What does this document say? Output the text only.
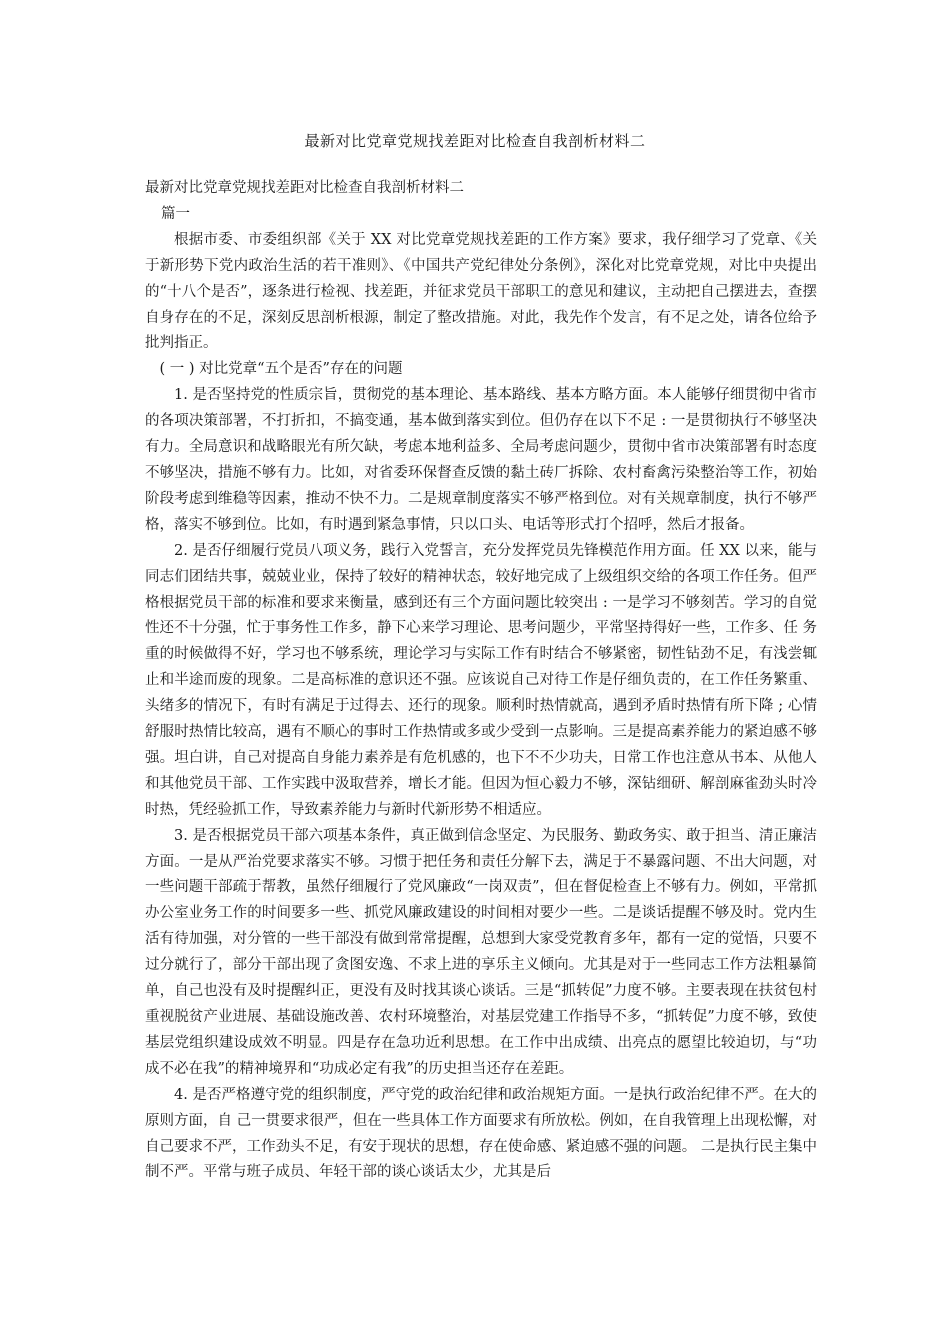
最新对比党章党规找差距对比检查自我剖析材料二

最新对比党章党规找差距对比检查自我剖析材料二

篇一

根据市委、市委组织部《关于 XX 对比党章党规找差距的工作方案》要求，我仔细学习了党章、《关于新形势下党内政治生活的若干准则》、《中国共产党纪律处分条例》，深化对比党章党规，对比中央提出的“十八个是否”，逐条进行检视、找差距，并征求党员干部职工的意见和建议，主动把自己摆进去，查摆自身存在的不足，深刻反思剖析根源，制定了整改措施。对此，我先作个发言，有不足之处，请各位给予批判指正。

( 一 ) 对比党章“五个是否”存在的问题

1. 是否坚持党的性质宗旨，贯彻党的基本理论、基本路线、基本方略方面。本人能够仔细贯彻中省市的各项决策部署，不打折扣，不搞变通，基本做到落实到位。但仍存在以下不足 : 一是贯彻执行不够坚决有力。全局意识和战略眼光有所欠缺，考虑本地利益多、全局考虑问题少，贯彻中省市决策部署有时态度不够坚决，措施不够有力。比如，对省委环保督查反馈的黏土砖厂拆除、农村畜禽污染整治等工作，初始阶段考虑到维稳等因素，推动不快不力。二是规章制度落实不够严格到位。对有关规章制度，执行不够严格，落实不够到位。比如，有时遇到紧急事情，只以口头、电话等形式打个招呼，然后才报备。

2. 是否仔细履行党员八项义务，践行入党誓言，充分发挥党员先锋模范作用方面。任 XX 以来，能与同志们团结共事，兢兢业业，保持了较好的精神状态，较好地完成了上级组织交给的各项工作任务。但严格根据党员干部的标准和要求来衡量，感到还有三个方面问题比较突出 : 一是学习不够刻苦。学习的自觉性还不十分强，忙于事务性工作多，静下心来学习理论、思考问题少，平常坚持得好一些，工作多、任 务重的时候做得不好，学习也不够系统，理论学习与实际工作有时结合不够紧密，韧性钻劲不足，有浅尝辄止和半途而废的现象。二是高标准的意识还不强。应该说自己对待工作是仔细负责的，在工作任务繁重、头绪多的情况下，有时有满足于过得去、还行的现象。顺利时热情就高，遇到矛盾时热情有所下降 ; 心情舒服时热情比较高，遇有不顺心的事时工作热情或多或少受到一点影响。三是提高素养能力的紧迫感不够强。坦白讲，自己对提高自身能力素养是有危机感的，也下不不少功夫，日常工作也注意从书本、从他人和其他党员干部、工作实践中汲取营养，增长才能。但因为恒心毅力不够，深钻细研、解剖麻雀劲头时冷时热，凭经验抓工作，导致素养能力与新时代新形势不相适应。

3. 是否根据党员干部六项基本条件，真正做到信念坚定、为民服务、勤政务实、敢于担当、清正廉洁方面。一是从严治党要求落实不够。习惯于把任务和责任分解下去，满足于不暴露问题、不出大问题，对一些问题干部疏于帮教，虽然仔细履行了党风廉政“一岗双责”，但在督促检查上不够有力。例如，平常抓办公室业务工作的时间要多一些、抓党风廉政建设的时间相对要少一些。二是谈话提醒不够及时。党内生活有待加强，对分管的一些干部没有做到常常提醒，总想到大家受党教育多年，都有一定的觉悟，只要不过分就行了，部分干部出现了贪图安逸、不求上进的享乐主义倾向。尤其是对于一些同志工作方法粗暴简单，自己也没有及时提醒纠正，更没有及时找其谈心谈话。三是“抓转促”力度不够。主要表现在扶贫包村重视脱贫产业进展、基础设施改善、农村环境整治，对基层党建工作指导不多，“抓转促”力度不够，致使基层党组织建设成效不明显。四是存在急功近利思想。在工作中出成绩、出亮点的愿望比较迫切，与“功成不必在我”的精神境界和“功成必定有我”的历史担当还存在差距。

4. 是否严格遵守党的组织制度，严守党的政治纪律和政治规矩方面。一是执行政治纪律不严。在大的原则方面，自 己一贯要求很严，但在一些具体工作方面要求有所放松。例如，在自我管理上出现松懈，对自己要求不严，工作劲头不足，有安于现状的思想，存在使命感、紧迫感不强的问题。 二是执行民主集中制不严。平常与班子成员、年轻干部的谈心谈话太少，尤其是后
